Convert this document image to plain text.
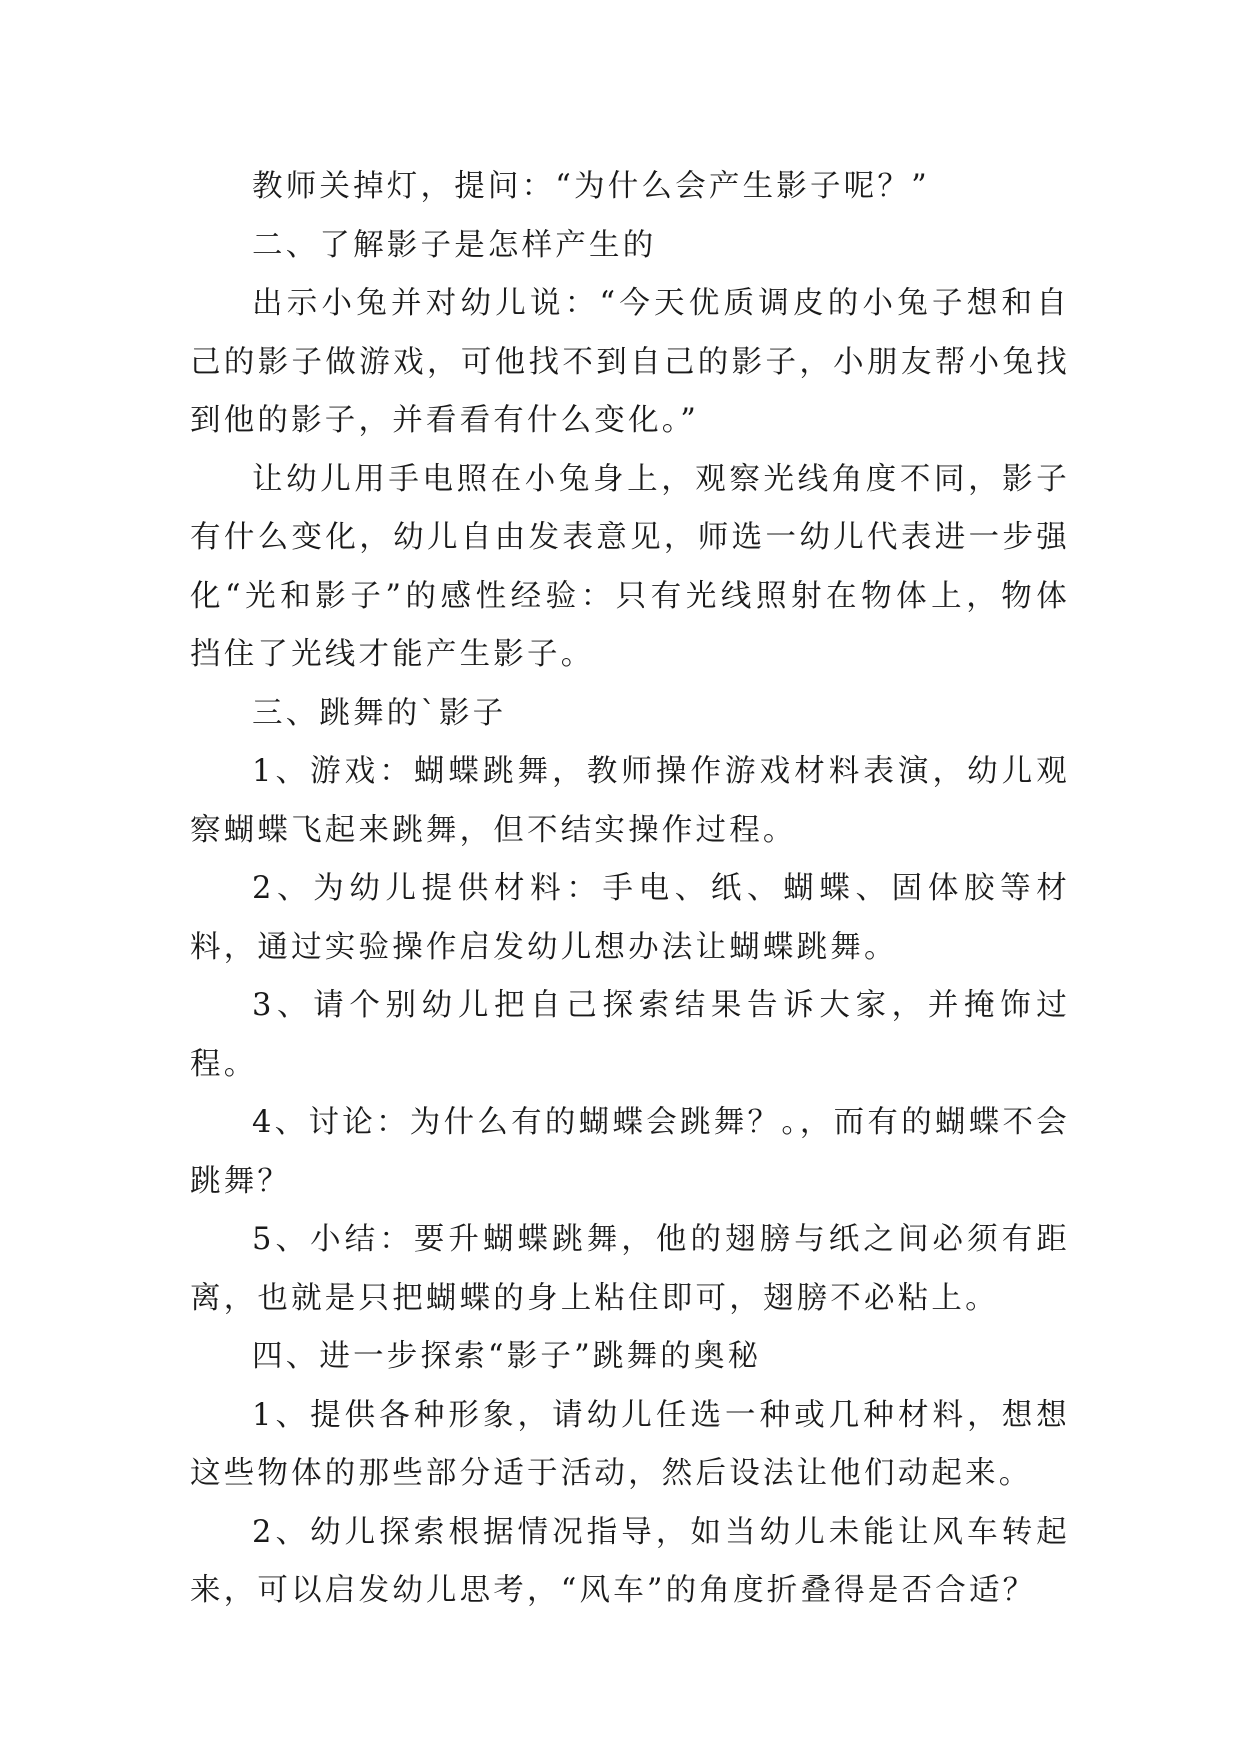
教师关掉灯，提问：“为什么会产生影子呢？”

二、了解影子是怎样产生的

出示小兔并对幼儿说：“今天优质调皮的小兔子想和自己的影子做游戏，可他找不到自己的影子，小朋友帮小兔找到他的影子，并看看有什么变化。”

让幼儿用手电照在小兔身上，观察光线角度不同，影子有什么变化，幼儿自由发表意见，师选一幼儿代表进一步强化“光和影子”的感性经验：只有光线照射在物体上，物体挡住了光线才能产生影子。

三、跳舞的`影子

1、游戏：蝴蝶跳舞，教师操作游戏材料表演，幼儿观察蝴蝶飞起来跳舞，但不结实操作过程。

2、为幼儿提供材料：手电、纸、蝴蝶、固体胶等材料，通过实验操作启发幼儿想办法让蝴蝶跳舞。

3、请个别幼儿把自己探索结果告诉大家，并掩饰过程。

4、讨论：为什么有的蝴蝶会跳舞？。，而有的蝴蝶不会跳舞？

5、小结：要升蝴蝶跳舞，他的翅膀与纸之间必须有距离，也就是只把蝴蝶的身上粘住即可，翅膀不必粘上。

四、进一步探索“影子”跳舞的奥秘

1、提供各种形象，请幼儿任选一种或几种材料，想想这些物体的那些部分适于活动，然后设法让他们动起来。

2、幼儿探索根据情况指导，如当幼儿未能让风车转起来，可以启发幼儿思考，“风车”的角度折叠得是否合适？
